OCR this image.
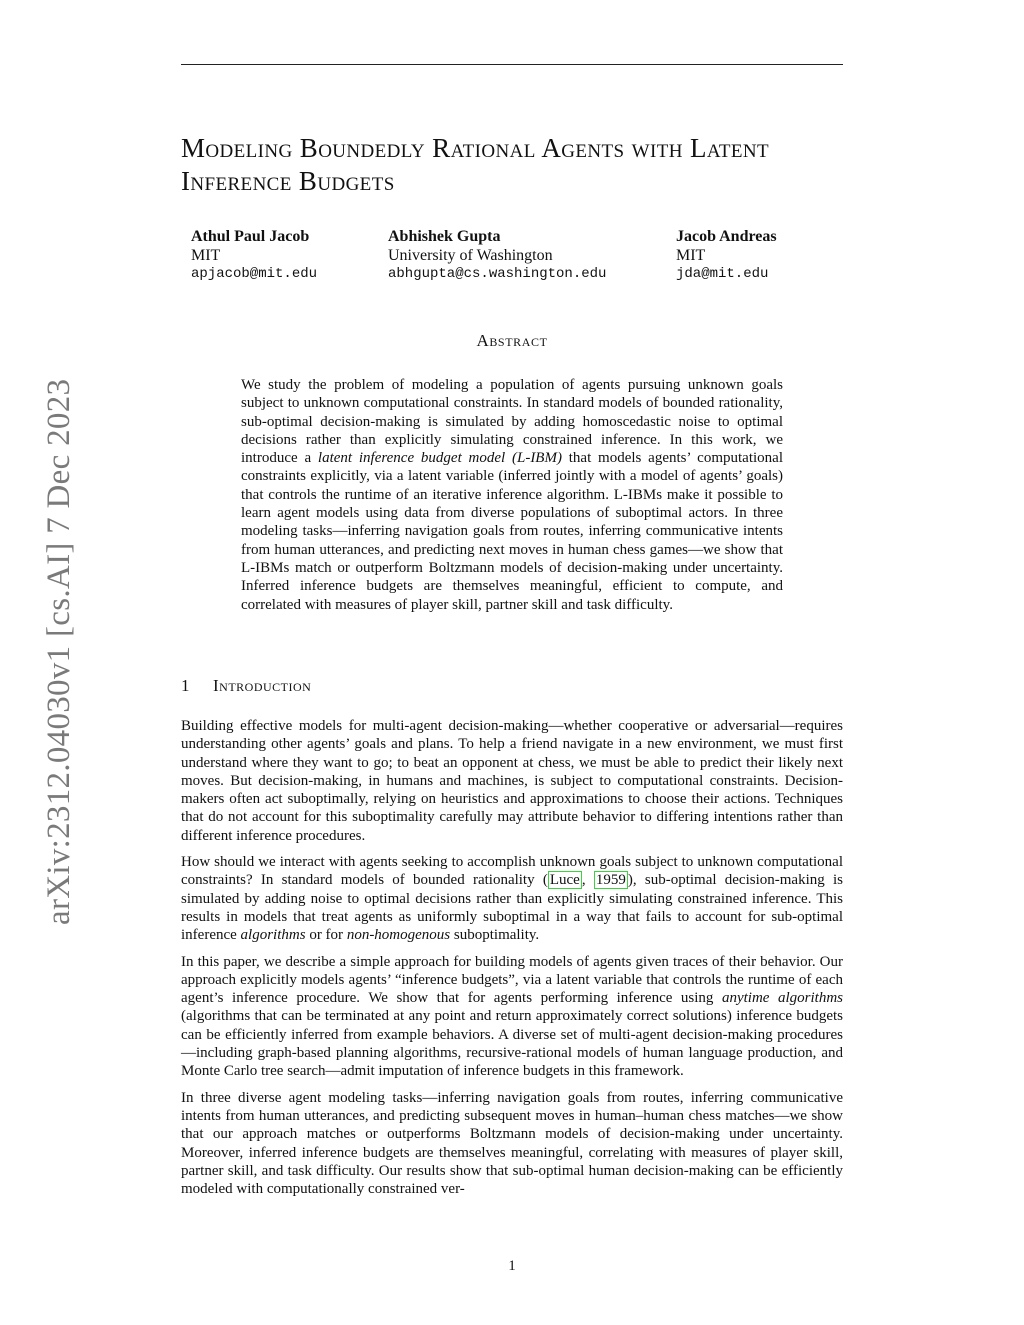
arXiv:2312.04030v1 [cs.AI] 7 Dec 2023
Modeling Boundedly Rational Agents with Latent Inference Budgets
Athul Paul Jacob
MIT
apjacob@mit.edu
Abhishek Gupta
University of Washington
abhgupta@cs.washington.edu
Jacob Andreas
MIT
jda@mit.edu
Abstract

We study the problem of modeling a population of agents pursuing unknown goals subject to unknown computational constraints. In standard models of bounded rationality, sub-optimal decision-making is simulated by adding homoscedastic noise to optimal decisions rather than explicitly simulating constrained inference. In this work, we introduce a latent inference budget model (L-IBM) that models agents’ computational constraints explicitly, via a latent variable (inferred jointly with a model of agents’ goals) that controls the runtime of an iterative inference algorithm. L-IBMs make it possible to learn agent models using data from diverse populations of suboptimal actors. In three modeling tasks—inferring navigation goals from routes, inferring communicative intents from human utterances, and predicting next moves in human chess games—we show that L-IBMs match or outperform Boltzmann models of decision-making under uncertainty. Inferred inference budgets are themselves meaningful, efficient to compute, and correlated with measures of player skill, partner skill and task difficulty.

1 Introduction

Building effective models for multi-agent decision-making—whether cooperative or adversarial—requires understanding other agents’ goals and plans. To help a friend navigate in a new environment, we must first understand where they want to go; to beat an opponent at chess, we must be able to predict their likely next moves. But decision-making, in humans and machines, is subject to computational constraints. Decision-makers often act suboptimally, relying on heuristics and approximations to choose their actions. Techniques that do not account for this suboptimality carefully may attribute behavior to differing intentions rather than different inference procedures.

How should we interact with agents seeking to accomplish unknown goals subject to unknown computational constraints? In standard models of bounded rationality ( Luce , 1959 ), sub-optimal decision-making is simulated by adding noise to optimal decisions rather than explicitly simulating constrained inference. This results in models that treat agents as uniformly suboptimal in a way that fails to account for sub-optimal inference algorithms or for non-homogenous suboptimality.

In this paper, we describe a simple approach for building models of agents given traces of their behavior. Our approach explicitly models agents’ “inference budgets”, via a latent variable that controls the runtime of each agent’s inference procedure. We show that for agents performing inference using anytime algorithms (algorithms that can be terminated at any point and return approximately correct solutions) inference budgets can be efficiently inferred from example behaviors. A diverse set of multi-agent decision-making procedures—including graph-based planning algorithms, recursive-rational models of human language production, and Monte Carlo tree search—admit imputation of inference budgets in this framework.

In three diverse agent modeling tasks—inferring navigation goals from routes, inferring communicative intents from human utterances, and predicting subsequent moves in human–human chess matches—we show that our approach matches or outperforms Boltzmann models of decision-making under uncertainty. Moreover, inferred inference budgets are themselves meaningful, correlating with measures of player skill, partner skill, and task difficulty. Our results show that sub-optimal human decision-making can be efficiently modeled with computationally constrained ver-

1
